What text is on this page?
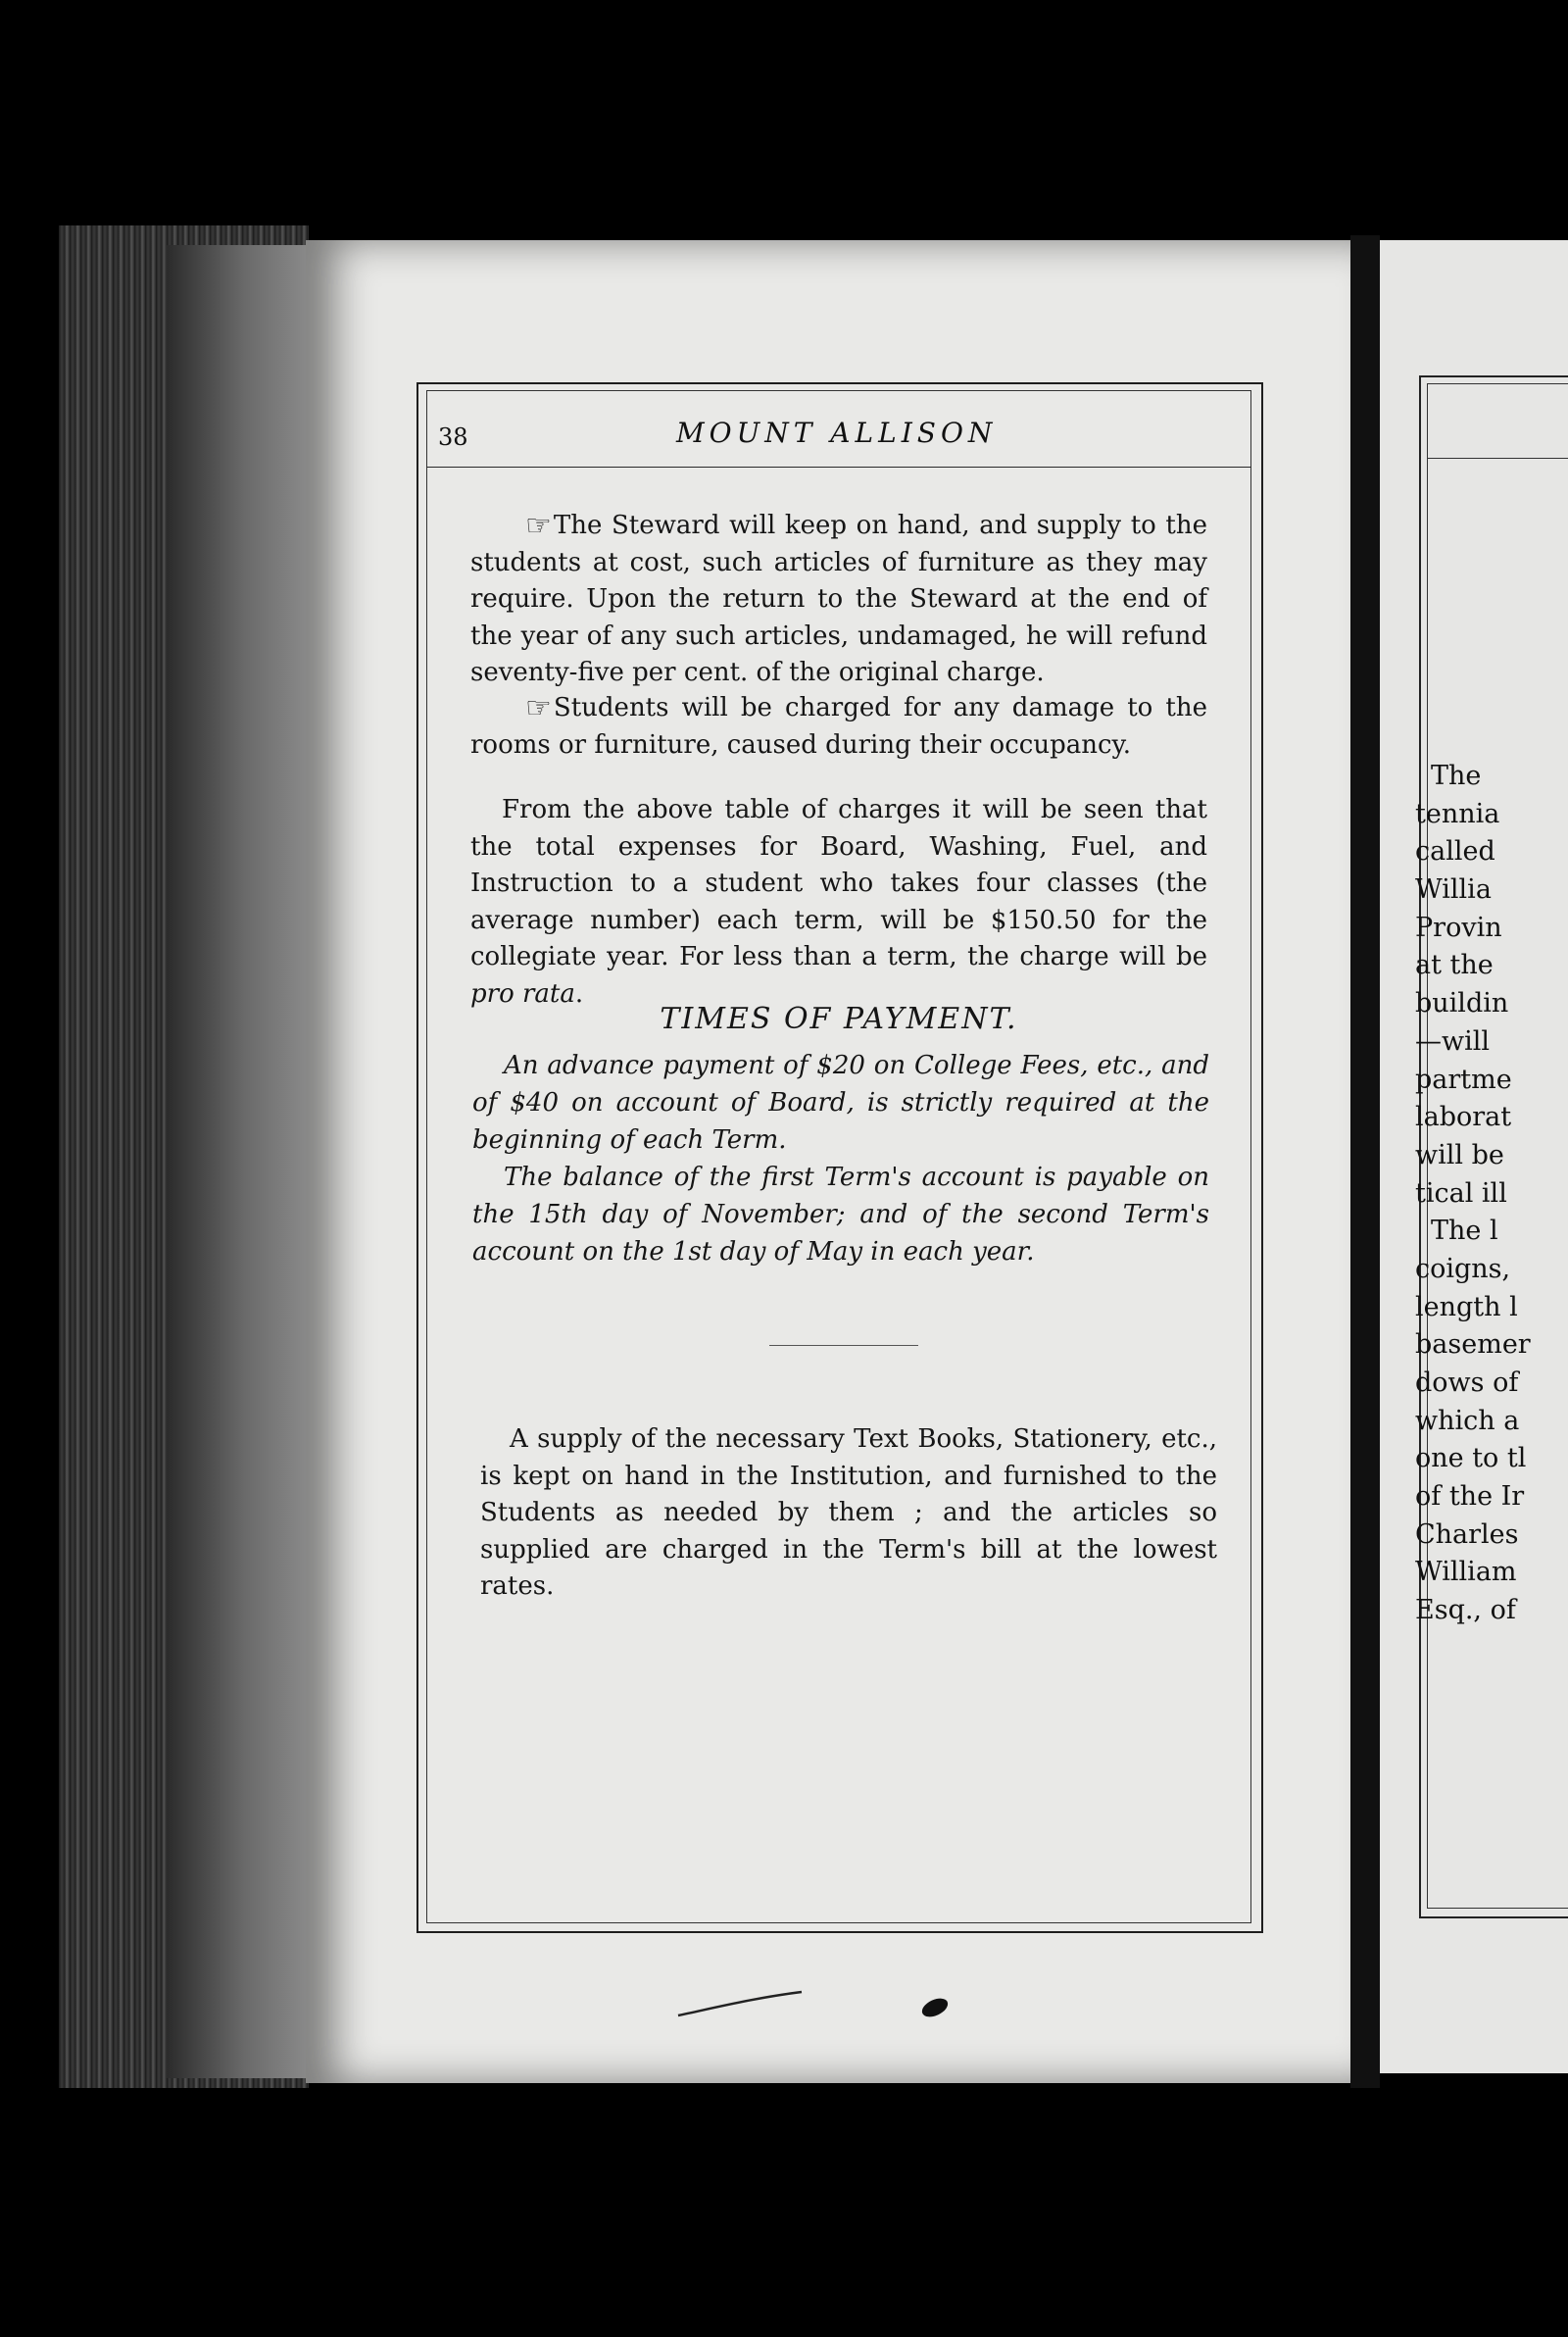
The
tennia
called
Willia
Provin
at the
buildin
—will
partme
laborat
will be
tical ill
The l
coigns,
length l
basemer
dows of
which a
one to tl
of the Ir
Charles
William
Esq., of
38	MOUNT ALLISON

☞The Steward will keep on hand, and supply to the students at cost, such articles of furniture as they may require. Upon the return to the Steward at the end of the year of any such articles, undamaged, he will refund seventy-five per cent. of the original charge.

☞Students will be charged for any damage to the rooms or furniture, caused during their occupancy.

From the above table of charges it will be seen that the total expenses for Board, Washing, Fuel, and Instruction to a student who takes four classes (the average number) each term, will be $150.50 for the collegiate year. For less than a term, the charge will be pro rata.

TIMES OF PAYMENT.

An advance payment of $20 on College Fees, etc., and of $40 on account of Board, is strictly required at the beginning of each Term.

The balance of the first Term's account is payable on the 15th day of November; and of the second Term's account on the 1st day of May in each year.

A supply of the necessary Text Books, Stationery, etc., is kept on hand in the Institution, and furnished to the Students as needed by them ; and the articles so supplied are charged in the Term's bill at the lowest rates.
